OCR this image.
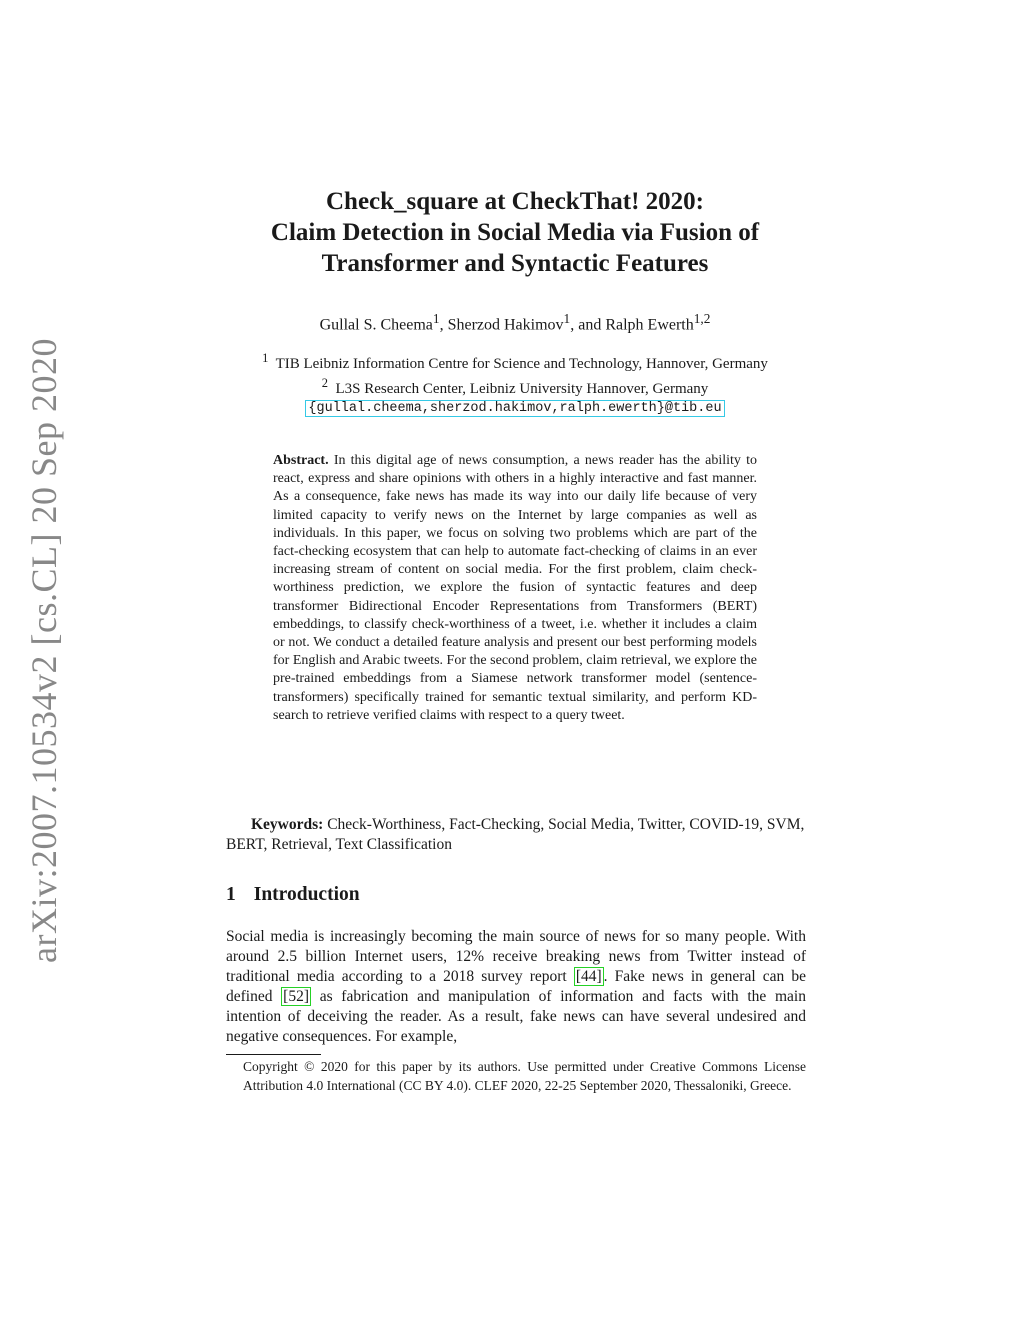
arXiv:2007.10534v2 [cs.CL] 20 Sep 2020
Check_square at CheckThat! 2020:
Claim Detection in Social Media via Fusion of
Transformer and Syntactic Features
Gullal S. Cheema$^1$, Sherzod Hakimov$^1$, and Ralph Ewerth$^{1,2}$
$^1$ TIB Leibniz Information Centre for Science and Technology, Hannover, Germany
$^2$ L3S Research Center, Leibniz University Hannover, Germany
{gullal.cheema,sherzod.hakimov,ralph.ewerth}@tib.eu
Abstract. In this digital age of news consumption, a news reader has the ability to react, express and share opinions with others in a highly interactive and fast manner. As a consequence, fake news has made its way into our daily life because of very limited capacity to verify news on the Internet by large companies as well as individuals. In this paper, we focus on solving two problems which are part of the fact-checking ecosystem that can help to automate fact-checking of claims in an ever increasing stream of content on social media. For the first problem, claim check-worthiness prediction, we explore the fusion of syntactic features and deep transformer Bidirectional Encoder Representations from Transformers (BERT) embeddings, to classify check-worthiness of a tweet, i.e. whether it includes a claim or not. We conduct a detailed feature analysis and present our best performing models for English and Arabic tweets. For the second problem, claim retrieval, we explore the pre-trained embeddings from a Siamese network transformer model (sentence-transformers) specifically trained for semantic textual similarity, and perform KD-search to retrieve verified claims with respect to a query tweet.
Keywords: Check-Worthiness, Fact-Checking, Social Media, Twitter, COVID-19, SVM, BERT, Retrieval, Text Classification
1 Introduction
Social media is increasingly becoming the main source of news for so many people. With around 2.5 billion Internet users, 12% receive breaking news from Twitter instead of traditional media according to a 2018 survey report [44] . Fake news in general can be defined [52] as fabrication and manipulation of information and facts with the main intention of deceiving the reader. As a result, fake news can have several undesired and negative consequences. For example,
Copyright © 2020 for this paper by its authors. Use permitted under Creative Commons License Attribution 4.0 International (CC BY 4.0). CLEF 2020, 22-25 September 2020, Thessaloniki, Greece.
